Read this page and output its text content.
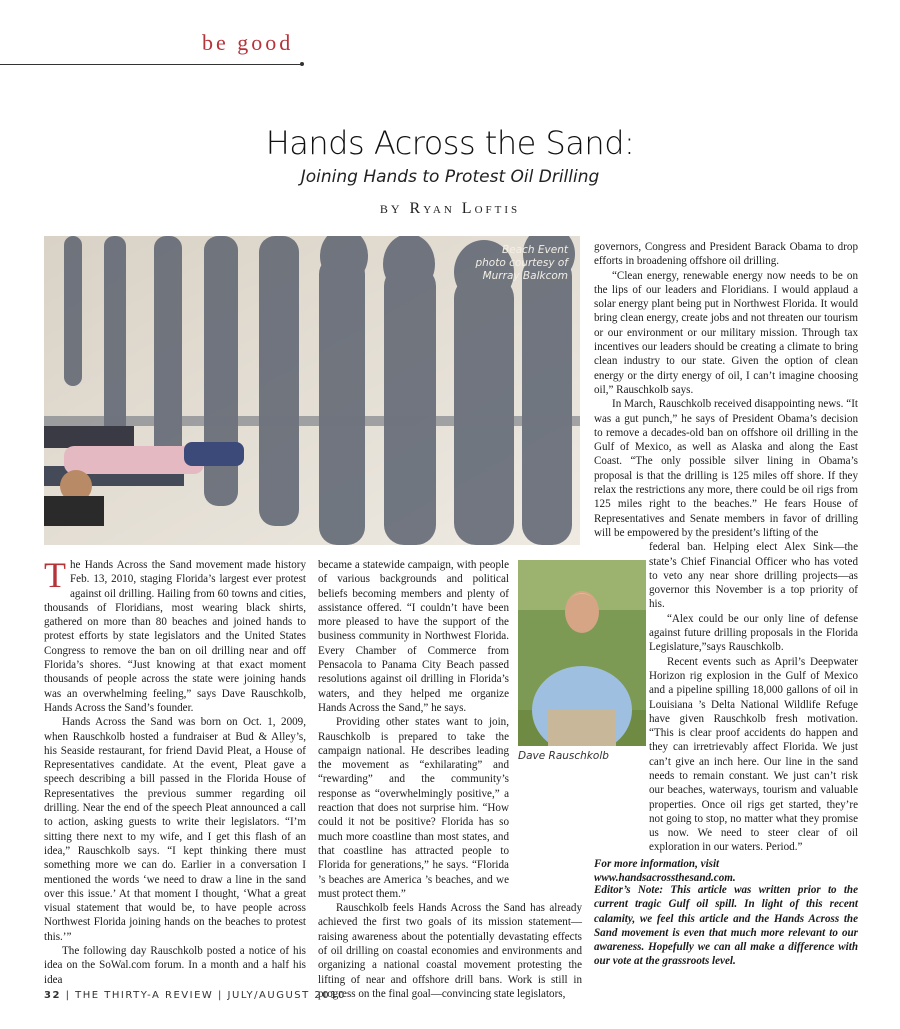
be good
Hands Across the Sand:
Joining Hands to Protest Oil Drilling
BY Ryan Loftis
Beach Event
photo courtesy of
Murray Balkcom

The Hands Across the Sand movement made history Feb. 13, 2010, staging Florida’s largest ever protest against oil drilling. Hailing from 60 towns and cities, thousands of Floridians, most wearing black shirts, gathered on more than 80 beaches and joined hands to protest efforts by state legislators and the United States Congress to remove the ban on oil drilling near and off Florida’s shores. “Just knowing at that exact moment thousands of people across the state were joining hands was an overwhelming feeling,” says Dave Rauschkolb, Hands Across the Sand’s founder.

Hands Across the Sand was born on Oct. 1, 2009, when Rauschkolb hosted a fundraiser at Bud & Alley’s, his Seaside restaurant, for friend David Pleat, a House of Representatives candidate. At the event, Pleat gave a speech describing a bill passed in the Florida House of Representatives the previous summer regarding oil drilling. Near the end of the speech Pleat announced a call to action, asking guests to write their legislators. “I’m sitting there next to my wife, and I get this flash of an idea,” Rauschkolb says. “I kept thinking there must something more we can do. Earlier in a conversation I mentioned the words ‘we need to draw a line in the sand over this issue.’ At that moment I thought, ‘What a great visual statement that would be, to have people across Northwest Florida joining hands on the beaches to protest this.’”

The following day Rauschkolb posted a notice of his idea on the SoWal.com forum. In a month and a half his idea

became a statewide campaign, with people of various backgrounds and political beliefs becoming members and plenty of assistance offered. “I couldn’t have been more pleased to have the support of the business community in Northwest Florida. Every Chamber of Commerce from Pensacola to Panama City Beach passed resolutions against oil drilling in Florida’s waters, and they helped me organize Hands Across the Sand,” he says.

Providing other states want to join, Rauschkolb is prepared to take the campaign national. He describes leading the movement as “exhilarating” and “rewarding” and the community’s response as “overwhelmingly positive,” a reaction that does not surprise him. “How could it not be positive? Florida has so much more coastline than most states, and that coastline has attracted people to Florida for generations,” he says. “Florida ’s beaches are America ’s beaches, and we must protect them.”

Rauschkolb feels Hands Across the Sand has already achieved the first two goals of its mission statement—raising awareness about the potentially devastating effects of oil drilling on coastal economies and environments and organizing a national coastal movement protesting the lifting of near and offshore drill bans. Work is still in progress on the final goal—convincing state legislators,

Dave Rauschkolb

governors, Congress and President Barack Obama to drop efforts in broadening offshore oil drilling.

“Clean energy, renewable energy now needs to be on the lips of our leaders and Floridians. I would applaud a solar energy plant being put in Northwest Florida. It would bring clean energy, create jobs and not threaten our tourism or our environment or our military mission. Through tax incentives our leaders should be creating a climate to bring clean industry to our state. Given the option of clean energy or the dirty energy of oil, I can’t imagine choosing oil,” Rauschkolb says.

In March, Rauschkolb received disappointing news. “It was a gut punch,” he says of President Obama’s decision to remove a decades-old ban on offshore oil drilling in the Gulf of Mexico, as well as Alaska and along the East Coast. “The only possible silver lining in Obama’s proposal is that the drilling is 125 miles off shore. If they relax the restrictions any more, there could be oil rigs from 125 miles right to the beaches.” He fears House of Representatives and Senate members in favor of drilling will be empowered by the president’s lifting of the

federal ban. Helping elect Alex Sink—the state’s Chief Financial Officer who has voted to veto any near shore drilling projects—as governor this November is a top priority of his.

“Alex could be our only line of defense against future drilling proposals in the Florida Legislature,”says Rauschkolb.

Recent events such as April’s Deepwater Horizon rig explosion in the Gulf of Mexico and a pipeline spilling 18,000 gallons of oil in Louisiana ’s Delta National Wildlife Refuge have given Rauschkolb fresh motivation. “This is clear proof accidents do happen and they can irretrievably affect Florida. We just can’t give an inch here. Our line in the sand needs to remain constant. We just can’t risk our beaches, waterways, tourism and valuable properties. Once oil rigs get started, they’re not going to stop, no matter what they promise us now. We need to steer clear of oil exploration in our waters. Period.”

For more information, visit www.handsacrossthesand.com.
Editor’s Note: This article was written prior to the current tragic Gulf oil spill. In light of this recent calamity, we feel this article and the Hands Across the Sand movement is even that much more relevant to our awareness. Hopefully we can all make a difference with our vote at the grassroots level.
32 | THE THIRTY-A REVIEW | JULY/AUGUST 2010
